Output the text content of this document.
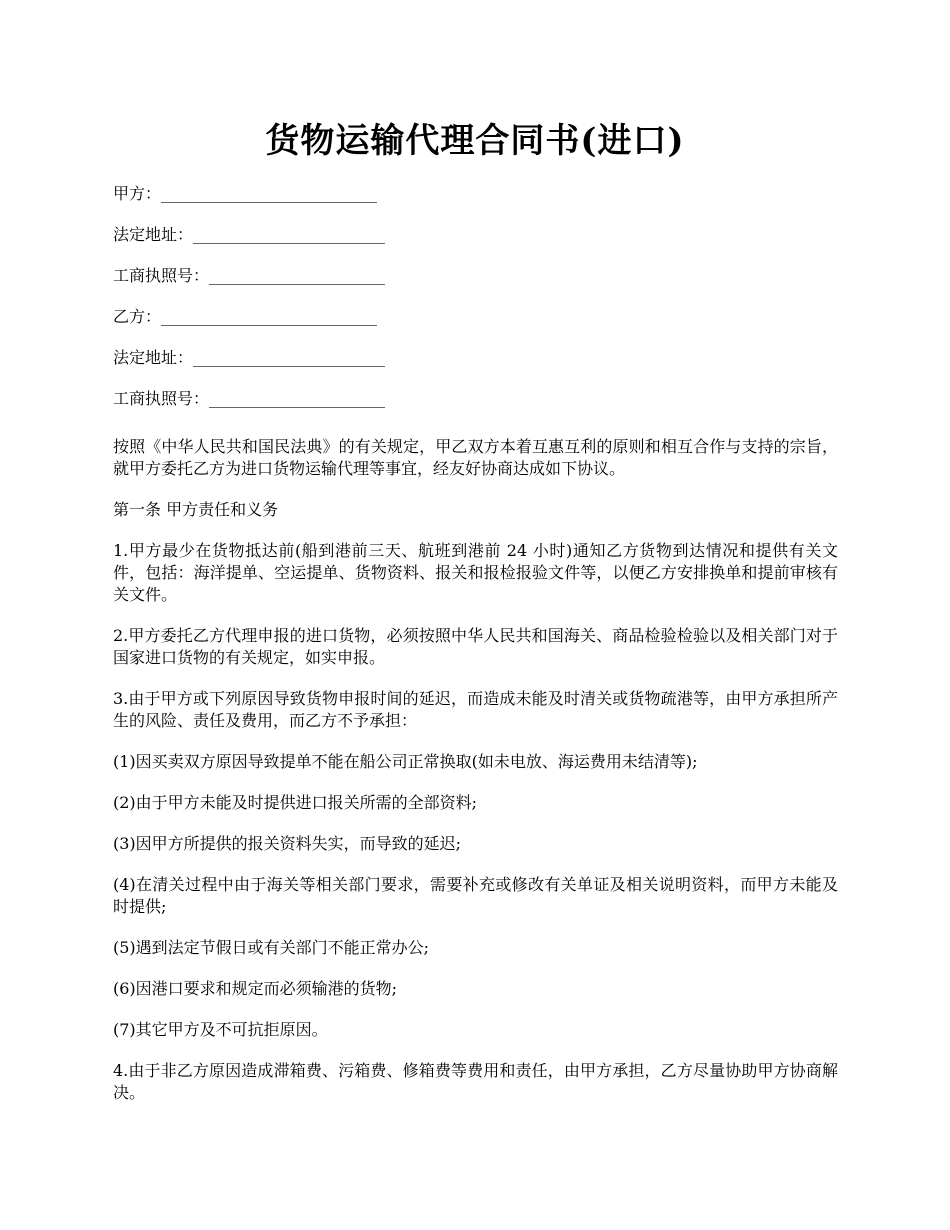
货物运输代理合同书(进口)
甲方：___________________________
法定地址：________________________
工商执照号：______________________
乙方：___________________________
法定地址：________________________
工商执照号：______________________

按照《中华人民共和国民法典》的有关规定，甲乙双方本着互惠互利的原则和相互合作与支持的宗旨，就甲方委托乙方为进口货物运输代理等事宜，经友好协商达成如下协议。

第一条 甲方责任和义务

1.甲方最少在货物抵达前(船到港前三天、航班到港前 24 小时)通知乙方货物到达情况和提供有关文件，包括：海洋提单、空运提单、货物资料、报关和报检报验文件等，以便乙方安排换单和提前审核有关文件。

2.甲方委托乙方代理申报的进口货物，必须按照中华人民共和国海关、商品检验检验以及相关部门对于国家进口货物的有关规定，如实申报。

3.由于甲方或下列原因导致货物申报时间的延迟，而造成未能及时清关或货物疏港等，由甲方承担所产生的风险、责任及费用，而乙方不予承担：

(1)因买卖双方原因导致提单不能在船公司正常换取(如未电放、海运费用未结清等);

(2)由于甲方未能及时提供进口报关所需的全部资料;

(3)因甲方所提供的报关资料失实，而导致的延迟;

(4)在清关过程中由于海关等相关部门要求，需要补充或修改有关单证及相关说明资料，而甲方未能及时提供;

(5)遇到法定节假日或有关部门不能正常办公;

(6)因港口要求和规定而必须输港的货物;

(7)其它甲方及不可抗拒原因。

4.由于非乙方原因造成滞箱费、污箱费、修箱费等费用和责任，由甲方承担，乙方尽量协助甲方协商解决。
